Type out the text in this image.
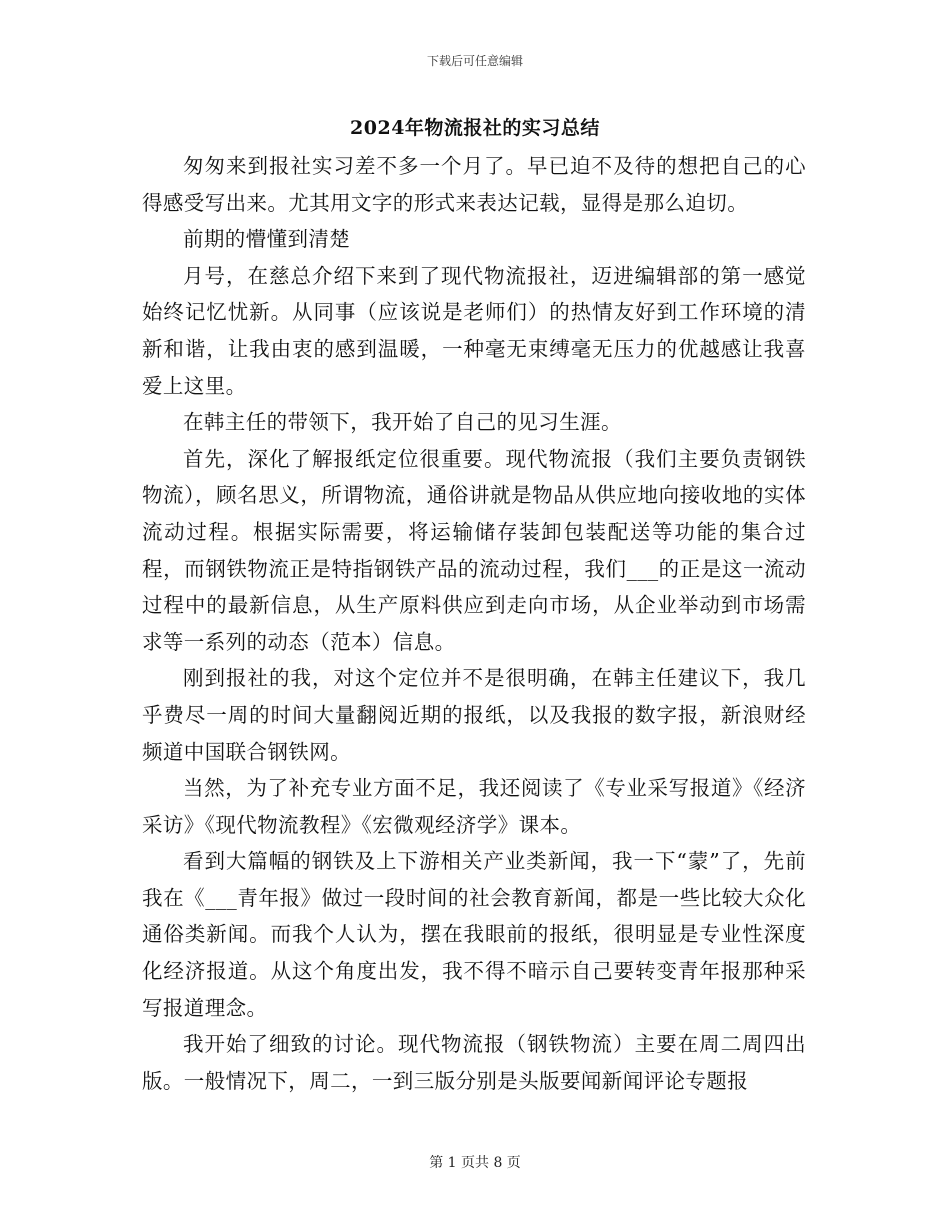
下载后可任意编辑
2024年物流报社的实习总结

匆匆来到报社实习差不多一个月了。早已迫不及待的想把自己的心得感受写出来。尤其用文字的形式来表达记载，显得是那么迫切。

前期的懵懂到清楚

月号，在慈总介绍下来到了现代物流报社，迈进编辑部的第一感觉始终记忆忧新。从同事（应该说是老师们）的热情友好到工作环境的清新和谐，让我由衷的感到温暖，一种毫无束缚毫无压力的优越感让我喜爱上这里。

在韩主任的带领下，我开始了自己的见习生涯。

首先，深化了解报纸定位很重要。现代物流报（我们主要负责钢铁物流），顾名思义，所谓物流，通俗讲就是物品从供应地向接收地的实体流动过程。根据实际需要，将运输储存装卸包装配送等功能的集合过程，而钢铁物流正是特指钢铁产品的流动过程，我们___的正是这一流动过程中的最新信息，从生产原料供应到走向市场，从企业举动到市场需求等一系列的动态（范本）信息。

刚到报社的我，对这个定位并不是很明确，在韩主任建议下，我几乎费尽一周的时间大量翻阅近期的报纸，以及我报的数字报，新浪财经频道中国联合钢铁网。

当然，为了补充专业方面不足，我还阅读了《专业采写报道》《经济采访》《现代物流教程》《宏微观经济学》课本。

看到大篇幅的钢铁及上下游相关产业类新闻，我一下“蒙”了，先前我在《___青年报》做过一段时间的社会教育新闻，都是一些比较大众化通俗类新闻。而我个人认为，摆在我眼前的报纸，很明显是专业性深度化经济报道。从这个角度出发，我不得不暗示自己要转变青年报那种采写报道理念。

我开始了细致的讨论。现代物流报（钢铁物流）主要在周二周四出版。一般情况下，周二，一到三版分别是头版要闻新闻评论专题报

第 1 页共 8 页
